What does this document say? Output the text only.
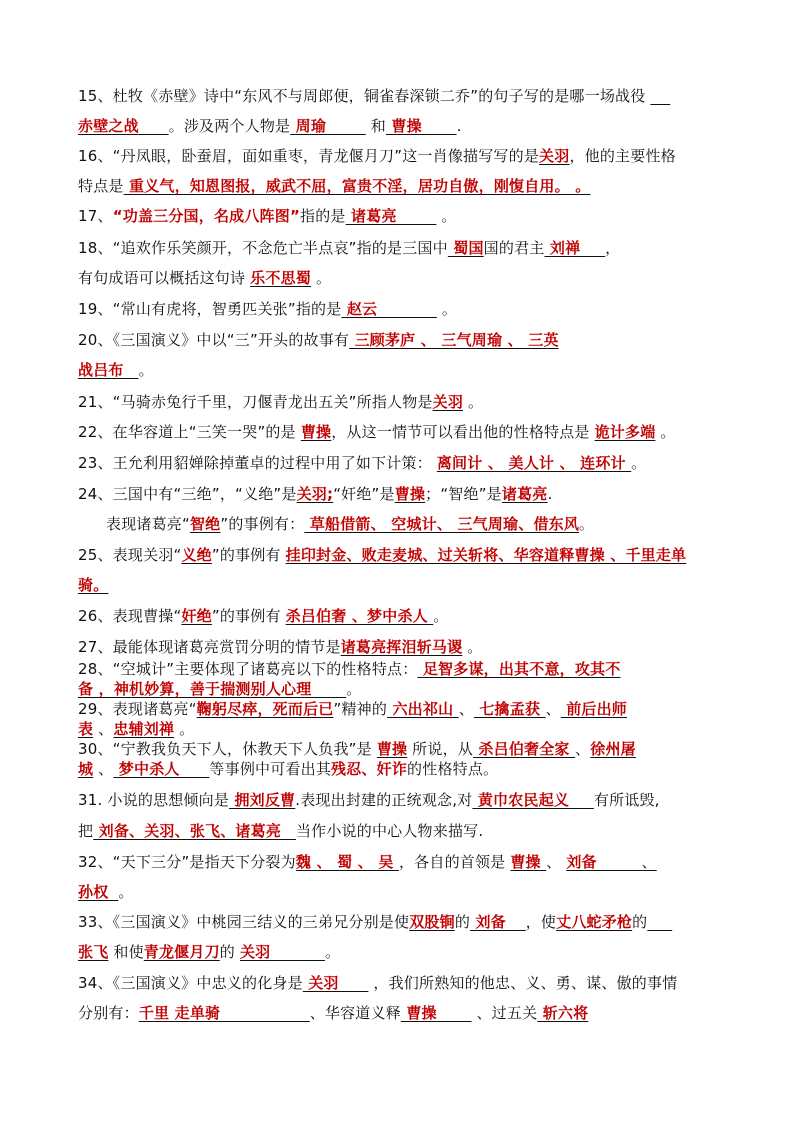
15、杜牧《赤壁》诗中“东风不与周郎便，铜雀春深锁二乔”的句子写的是哪一场战役
赤壁之战 。涉及两个人物是 周瑜	和 曹操 .
16、“丹凤眼，卧蚕眉，面如重枣，青龙偃月刀”这一肖像描写写的是关羽，他的主要性格
特点是 重义气，知恩图报，威武不屈，富贵不淫，居功自傲，刚愎自用。 。
17、“功盖三分国，名成八阵图”指的是 诸葛亮	。
18、“追欢作乐笑颜开，不念危亡半点哀”指的是三国中 蜀国国的君主 刘禅 ，
有句成语可以概括这句诗 乐不思蜀 。
19、“常山有虎将，智勇匹关张”指的是 赵云	。
20、《三国演义》中以“三”开头的故事有 三顾茅庐 、 三气周瑜 、 三英
战吕布 。
21、“马骑赤兔行千里，刀偃青龙出五关”所指人物是关羽 。
22、在华容道上“三笑一哭”的是 曹操，从这一情节可以看出他的性格特点是 诡计多端 。
23、王允利用貂婵除掉董卓的过程中用了如下计策： 离间计 、 美人计 、 连环计 。
24、三国中有“三绝”，“义绝”是关羽;“奸绝”是曹操；“智绝”是诸葛亮.
表现诸葛亮“智绝”的事例有： 草船借箭、 空城计、 三气周瑜、借东风。
25、表现关羽“义绝”的事例有 挂印封金、败走麦城、过关斩将、华容道释曹操 、千里走单
骑。
26、表现曹操“奸绝”的事例有 杀吕伯奢 、梦中杀人 。
27、最能体现诸葛亮赏罚分明的情节是诸葛亮挥泪斩马谡 。
28、“空城计”主要体现了诸葛亮以下的性格特点： 足智多谋，出其不意，攻其不
备 ，神机妙算，善于揣测别人心理 。
29、表现诸葛亮“鞠躬尽瘁，死而后已”精神的 六出祁山 、 七擒孟获 、 前后出师
表 、忠辅刘禅 。
30、“宁教我负天下人，休教天下人负我”是 曹操 所说，从 杀吕伯奢全家 、徐州屠
城 、 梦中杀人 等事例中可看出其残忍、奸诈的性格特点。
31. 小说的思想倾向是 拥刘反曹.表现出封建的正统观念,对 黄巾农民起义 有所诋毁,
把 刘备、关羽、张飞、诸葛亮 当作小说的中心人物来描写.
32、“天下三分”是指天下分裂为魏 、 蜀 、 吴 ，各自的首领是 曹操 、 刘备         、
孙权 。
33、《三国演义》中桃园三结义的三弟兄分别是使双股锏的 刘备 ，使丈八蛇矛枪的
张飞 和使青龙偃月刀的 关羽	。
34、《三国演义》中忠义的化身是 关羽       ，我们所熟知的他忠、义、勇、谋、傲的事情
分别有：千里 走单骑	、华容道义释 曹操        、过五关 斩六将
